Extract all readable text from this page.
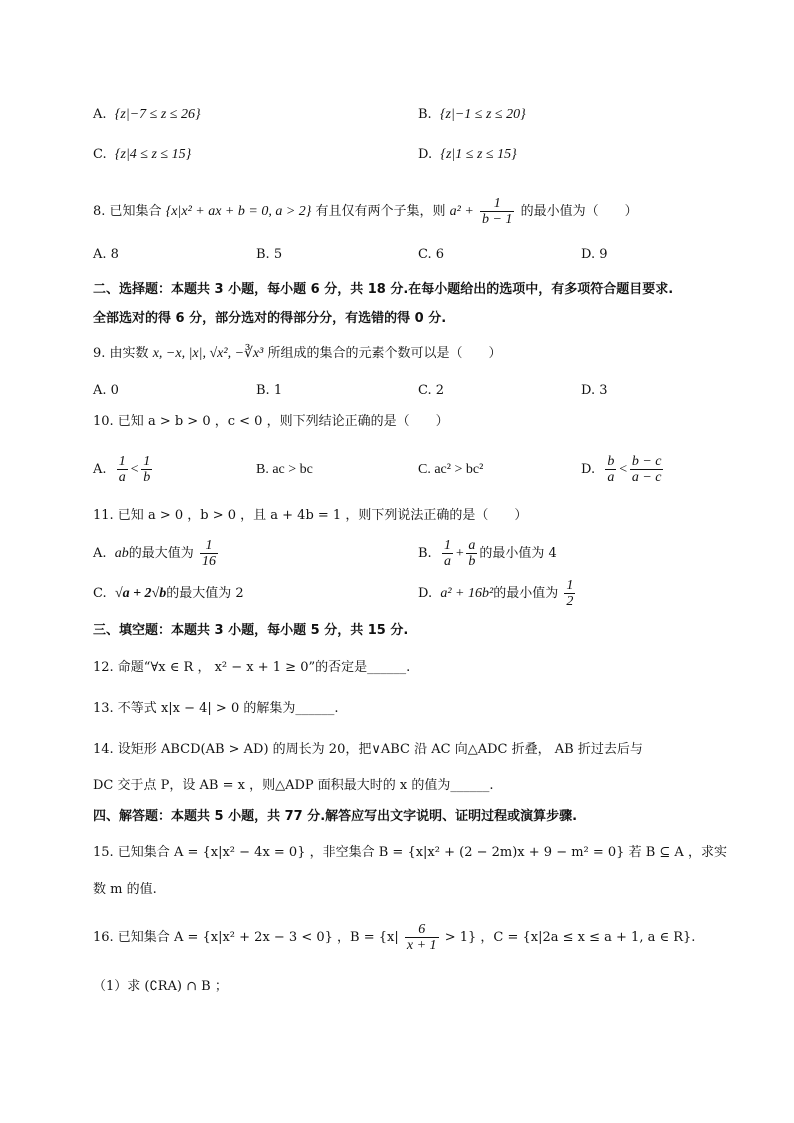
A. {z|−7 ≤ z ≤ 26}	B. {z|−1 ≤ z ≤ 20}
C. {z|4 ≤ z ≤ 15}	D. {z|1 ≤ z ≤ 15}
8. 已知集合 {x|x² + ax + b = 0, a > 2} 有且仅有两个子集，则 $a^2 + \frac{1}{b - 1}$ 的最小值为（　　）
A. 8	B. 5	C. 6	D. 9
二、选择题：本题共 3 小题，每小题 6 分，共 18 分.在每小题给出的选项中，有多项符合题目要求.
全部选对的得 6 分，部分选对的得部分分，有选错的得 0 分.
9. 由实数 x, −x, |x|, √x², −∛x³ 所组成的集合的元素个数可以是（　　）
A. 0	B. 1	C. 2	D. 3
10. 已知 a > b > 0 ，c < 0 ，则下列结论正确的是（　　）
A. $\frac{1}{a} < \frac{1}{b}$	B. ac > bc	C. ac² > bc²	D. $\frac{b}{a} < \frac{b - c}{a - c}$
11. 已知 a > 0 ，b > 0 ，且 a + 4b = 1 ，则下列说法正确的是（　　）
A. ab的最大值为 $\frac{1}{16}$	B. $\frac{1}{a} + \frac{a}{b}$ 的最小值为 4
C. √a + 2√b的最大值为 2	D. a² + 16b²的最小值为 $\frac{1}{2}$
三、填空题：本题共 3 小题，每小题 5 分，共 15 分.
12. 命题“∀x ∈ R ， x² − x + 1 ≥ 0”的否定是______.
13. 不等式 x|x − 4| > 0 的解集为______.
14. 设矩形 ABCD(AB > AD) 的周长为 20，把∨ABC 沿 AC 向△ADC 折叠， AB 折过去后与
DC 交于点 P，设 AB = x ，则△ADP 面积最大时的 x 的值为______.
四、解答题：本题共 5 小题，共 77 分.解答应写出文字说明、证明过程或演算步骤.
15. 已知集合 A = {x|x² − 4x = 0} ，非空集合 B = {x|x² + (2 − 2m)x + 9 − m² = 0} 若 B ⊆ A ，求实
数 m 的值.
16. 已知集合 A = {x|x² + 2x − 3 < 0} ，$B = \{x| \frac{6}{x + 1} > 1\}$ ，C = {x|2a ≤ x ≤ a + 1, a ∈ R}.
（1）求 (∁RA) ∩ B ；
